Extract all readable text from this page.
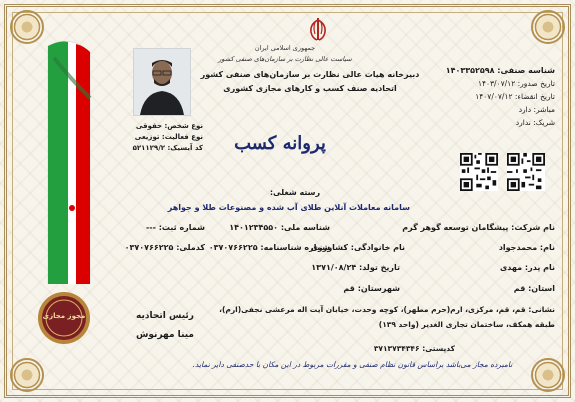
جمهوری اسلامی ایران
سیاست عالی نظارت بر سازمان‌های صنفی کشور
دبیرخانه هیات عالی نظارت بر سازمان‌های صنفی کشور
اتحادیه صنف کسب و کارهای مجازی کشوری
شناسه صنفی: ۱۴۰۳۳۵۲۵۹۸
تاریخ صدور: ۱۴۰۳/۰۷/۱۲
تاریخ انقضاء: ۱۴۰۷/۰۷/۱۲
مباشر: دارد
شریک: ندارد
نوع شخص: حقوقی
نوع فعالیت: توزیعی
کد آیسیک: ۵۲۱۱۲۹/۲	پروانه کسب
رسته شغلی:
سامانه معاملات آنلاین طلای آب شده و مصنوعات طلا و جواهر
نام شرکت: پیشگامان توسعه گوهر گرم
شناسه ملی: ۱۴۰۱۲۳۴۵۵۰
شماره ثبت: ---
نام: محمدجواد
نام خانوادگی: کشاورزی
شماره شناسنامه: ۰۳۷۰۷۶۶۲۲۵
کدملی: ۰۳۷۰۷۶۶۲۲۵
نام پدر: مهدی
تاریخ تولد: ۱۳۷۱/۰۸/۲۴
استان: قم
شهرستان: قم
نشانی: قم، قم، مرکزی، ارم(حرم مطهر)، کوچه وحدت، خیابان آیت اله مرعشی نجفی(ارم)،
طبقه همکف، ساختمان تجاری الغدیر (واحد ۱۳۹)
کدپستی: ۳۷۱۳۷۳۴۳۴۶
رئیس اتحادیه
مینا مهرنوش
مجوز مجازی
نامبرده مجاز می‌باشد براساس قانون نظام صنفی و مقررات مربوط در این مکان با حدصنفی دایر نماید.
